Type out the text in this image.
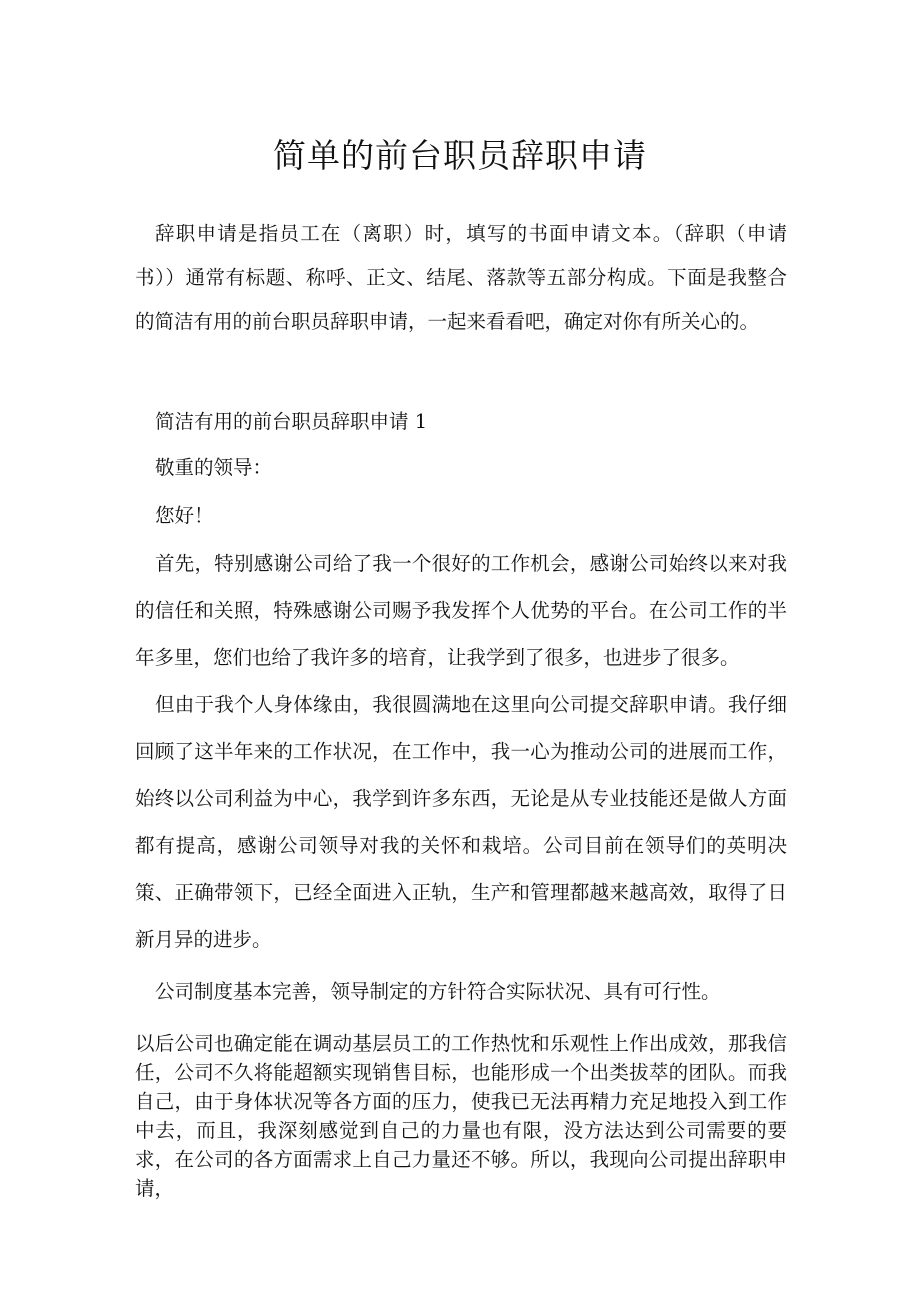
简单的前台职员辞职申请

辞职申请是指员工在（离职）时，填写的书面申请文本。（辞职（申请书））通常有标题、称呼、正文、结尾、落款等五部分构成。下面是我整合的简洁有用的前台职员辞职申请，一起来看看吧，确定对你有所关心的。

简洁有用的前台职员辞职申请 1

敬重的领导：

您好！

首先，特别感谢公司给了我一个很好的工作机会，感谢公司始终以来对我的信任和关照，特殊感谢公司赐予我发挥个人优势的平台。在公司工作的半年多里，您们也给了我许多的培育，让我学到了很多，也进步了很多。

但由于我个人身体缘由，我很圆满地在这里向公司提交辞职申请。我仔细回顾了这半年来的工作状况，在工作中，我一心为推动公司的进展而工作，始终以公司利益为中心，我学到许多东西，无论是从专业技能还是做人方面都有提高，感谢公司领导对我的关怀和栽培。公司目前在领导们的英明决策、正确带领下，已经全面进入正轨，生产和管理都越来越高效，取得了日新月异的进步。

公司制度基本完善，领导制定的方针符合实际状况、具有可行性。

以后公司也确定能在调动基层员工的工作热忱和乐观性上作出成效，那我信任，公司不久将能超额实现销售目标，也能形成一个出类拔萃的团队。而我自己，由于身体状况等各方面的压力，使我已无法再精力充足地投入到工作中去，而且，我深刻感觉到自己的力量也有限，没方法达到公司需要的要求，在公司的各方面需求上自己力量还不够。所以，我现向公司提出辞职申请，
